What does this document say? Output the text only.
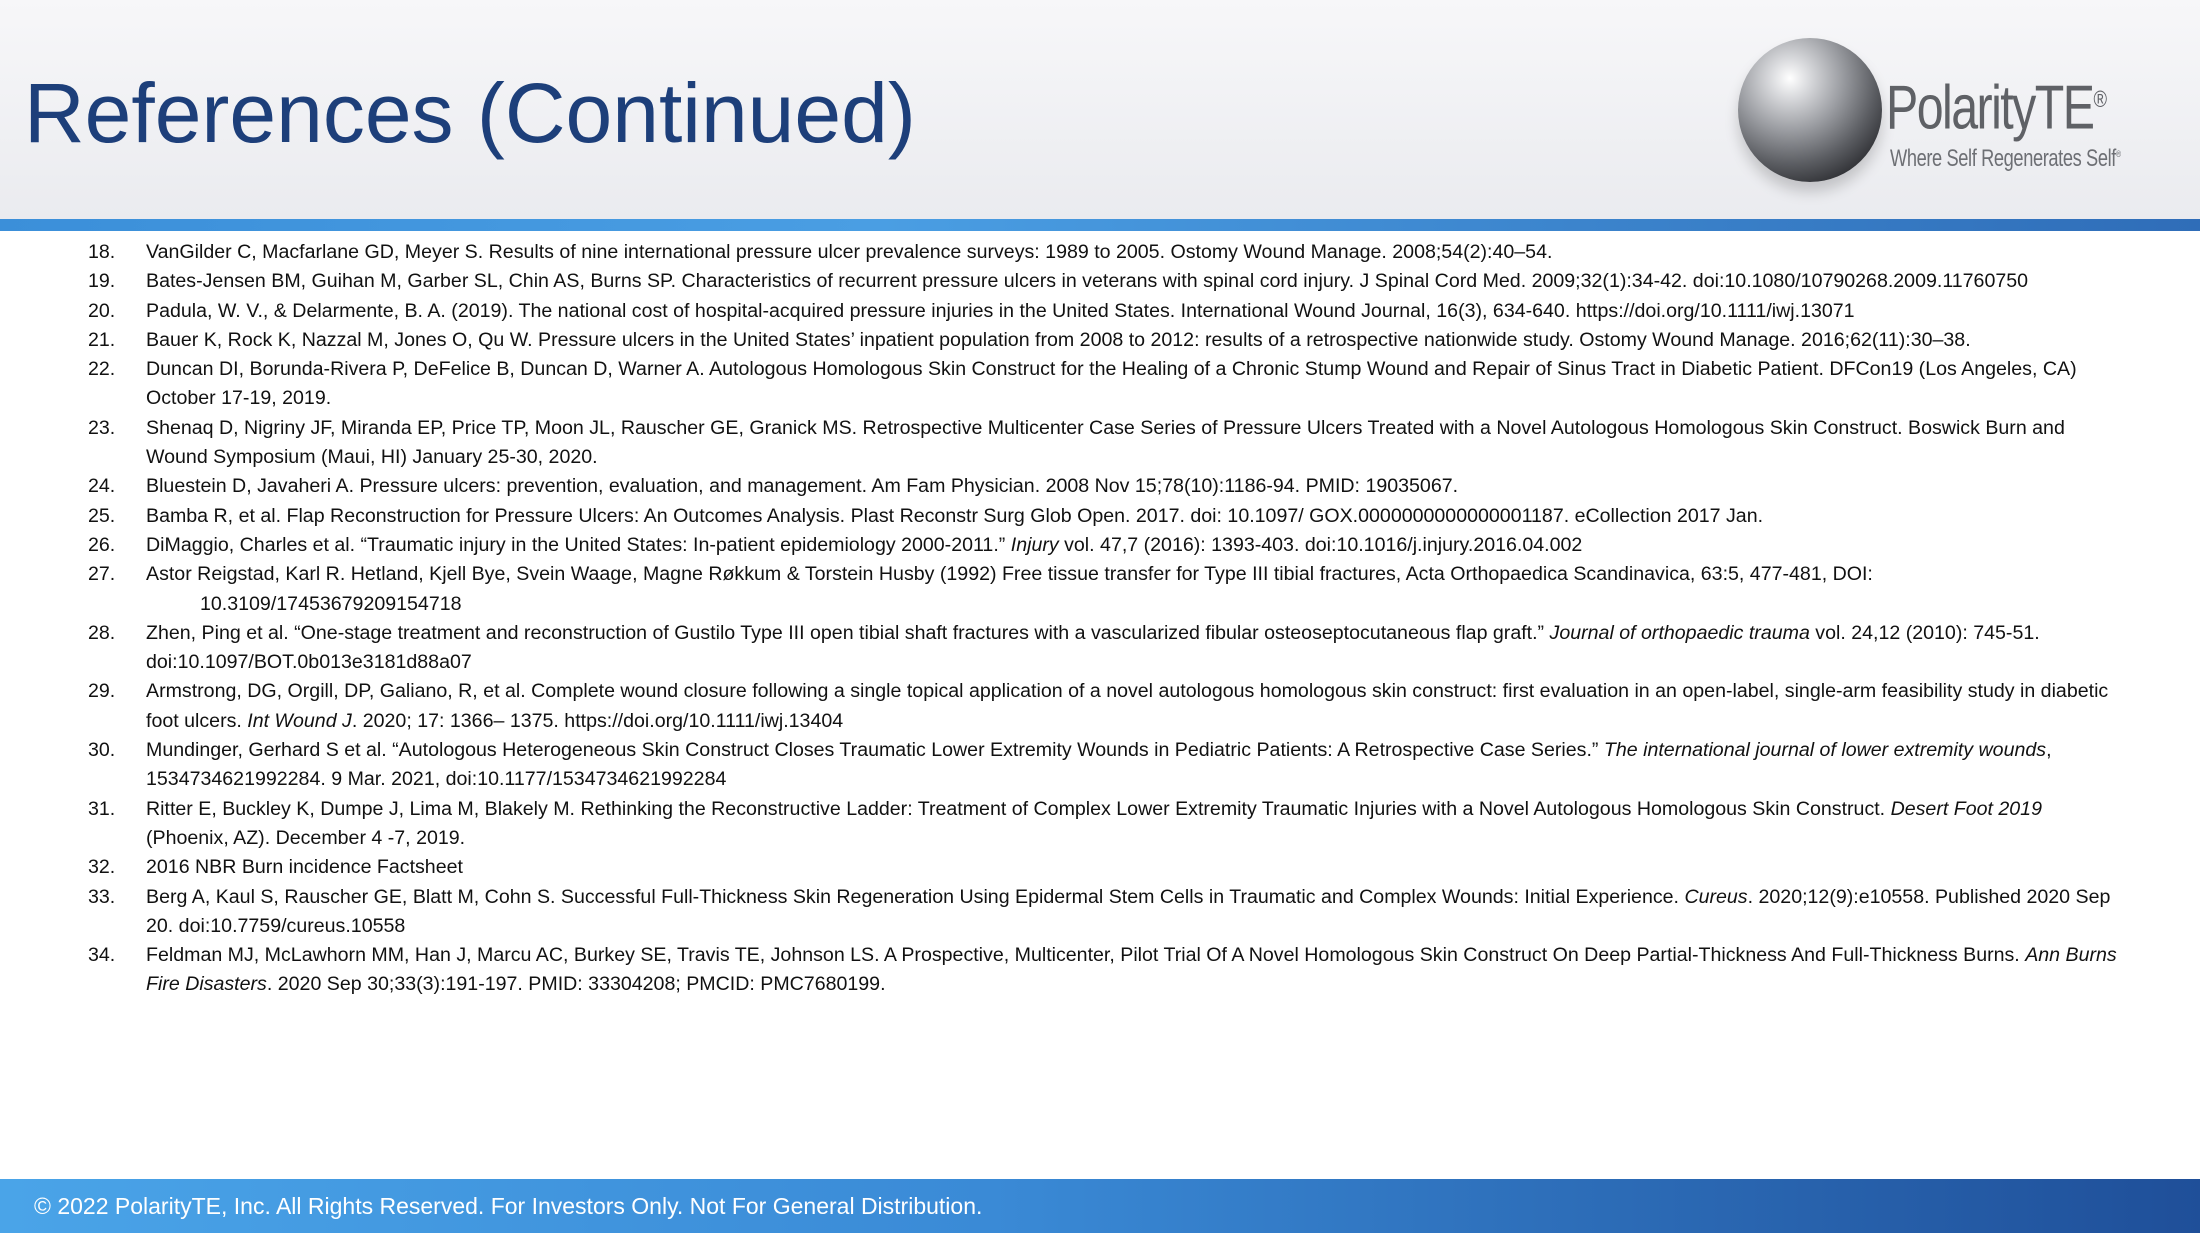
References (Continued)	PolarityTE®
Where Self Regenerates Self®
18.	VanGilder C, Macfarlane GD, Meyer S. Results of nine international pressure ulcer prevalence surveys: 1989 to 2005. Ostomy Wound Manage. 2008;54(2):40–54.
19.	Bates-Jensen BM, Guihan M, Garber SL, Chin AS, Burns SP. Characteristics of recurrent pressure ulcers in veterans with spinal cord injury. J Spinal Cord Med. 2009;32(1):34-42. doi:10.1080/10790268.2009.11760750
20.	Padula, W. V., & Delarmente, B. A. (2019). The national cost of hospital-acquired pressure injuries in the United States. International Wound Journal, 16(3), 634-640. https://doi.org/10.1111/iwj.13071
21.	Bauer K, Rock K, Nazzal M, Jones O, Qu W. Pressure ulcers in the United States’ inpatient population from 2008 to 2012: results of a retrospective nationwide study. Ostomy Wound Manage. 2016;62(11):30–38.
22.	Duncan DI, Borunda-Rivera P, DeFelice B, Duncan D, Warner A. Autologous Homologous Skin Construct for the Healing of a Chronic Stump Wound and Repair of Sinus Tract in Diabetic Patient. DFCon19 (Los Angeles, CA) October 17-19, 2019.
23.	Shenaq D, Nigriny JF, Miranda EP, Price TP, Moon JL, Rauscher GE, Granick MS. Retrospective Multicenter Case Series of Pressure Ulcers Treated with a Novel Autologous Homologous Skin Construct. Boswick Burn and Wound Symposium (Maui, HI) January 25-30, 2020.
24.	Bluestein D, Javaheri A. Pressure ulcers: prevention, evaluation, and management. Am Fam Physician. 2008 Nov 15;78(10):1186-94. PMID: 19035067.
25.	Bamba R, et al. Flap Reconstruction for Pressure Ulcers: An Outcomes Analysis. Plast Reconstr Surg Glob Open. 2017. doi: 10.1097/ GOX.0000000000000001187. eCollection 2017 Jan.
26.	DiMaggio, Charles et al. “Traumatic injury in the United States: In-patient epidemiology 2000-2011.” Injury vol. 47,7 (2016): 1393-403. doi:10.1016/j.injury.2016.04.002
27.	Astor Reigstad, Karl R. Hetland, Kjell Bye, Svein Waage, Magne Røkkum & Torstein Husby (1992) Free tissue transfer for Type III tibial fractures, Acta Orthopaedica Scandinavica, 63:5, 477-481, DOI:
10.3109/17453679209154718
28.	Zhen, Ping et al. “One-stage treatment and reconstruction of Gustilo Type III open tibial shaft fractures with a vascularized fibular osteoseptocutaneous flap graft.” Journal of orthopaedic trauma vol. 24,12 (2010): 745-51. doi:10.1097/BOT.0b013e3181d88a07
29.	Armstrong, DG, Orgill, DP, Galiano, R, et al. Complete wound closure following a single topical application of a novel autologous homologous skin construct: first evaluation in an open-label, single-arm feasibility study in diabetic foot ulcers. Int Wound J. 2020; 17: 1366– 1375. https://doi.org/10.1111/iwj.13404
30.	Mundinger, Gerhard S et al. “Autologous Heterogeneous Skin Construct Closes Traumatic Lower Extremity Wounds in Pediatric Patients: A Retrospective Case Series.” The international journal of lower extremity wounds, 1534734621992284. 9 Mar. 2021, doi:10.1177/1534734621992284
31.	Ritter E, Buckley K, Dumpe J, Lima M, Blakely M. Rethinking the Reconstructive Ladder: Treatment of Complex Lower Extremity Traumatic Injuries with a Novel Autologous Homologous Skin Construct. Desert Foot 2019 (Phoenix, AZ). December 4 -7, 2019.
32.	2016 NBR Burn incidence Factsheet
33.	Berg A, Kaul S, Rauscher GE, Blatt M, Cohn S. Successful Full-Thickness Skin Regeneration Using Epidermal Stem Cells in Traumatic and Complex Wounds: Initial Experience. Cureus. 2020;12(9):e10558. Published 2020 Sep 20. doi:10.7759/cureus.10558
34.	Feldman MJ, McLawhorn MM, Han J, Marcu AC, Burkey SE, Travis TE, Johnson LS. A Prospective, Multicenter, Pilot Trial Of A Novel Homologous Skin Construct On Deep Partial-Thickness And Full-Thickness Burns. Ann Burns Fire Disasters. 2020 Sep 30;33(3):191-197. PMID: 33304208; PMCID: PMC7680199.
© 2022 PolarityTE, Inc. All Rights Reserved. For Investors Only. Not For General Distribution.
